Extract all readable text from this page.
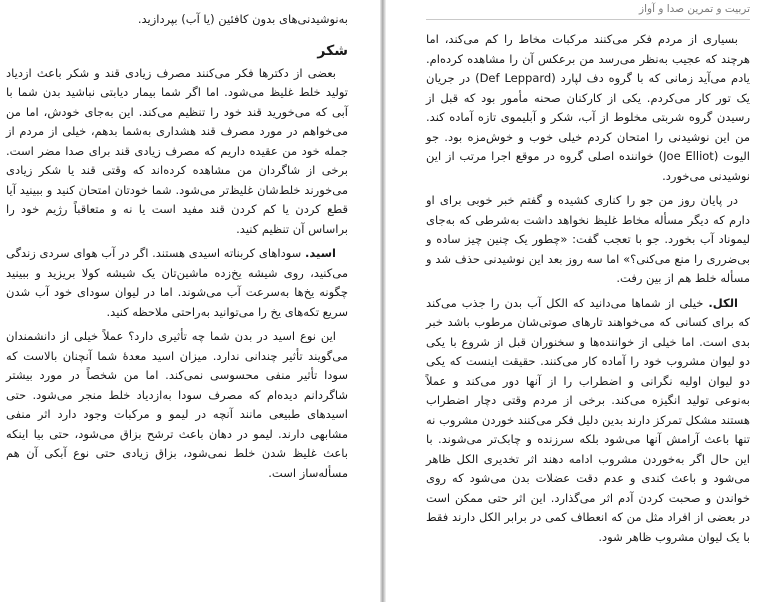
به‌نوشیدنی‌های بدون کافئین (یا آب) بپردازید.

شکر

بعضی از دکترها فکر می‌کنند مصرف زیادی قند و شکر باعث ازدیاد تولید خلط غلیظ می‌شود. اما اگر شما بیمار دیابتی نباشید بدن شما با آبی که می‌خورید قند خود را تنظیم می‌کند. این به‌جای خودش، اما من می‌خواهم در مورد مصرف قند هشداری به‌شما بدهم، خیلی از مردم از جمله خود من عقیده داریم که مصرف زیادی قند برای صدا مضر است. برخی از شاگردان من مشاهده کرده‌اند که وقتی قند یا شکر زیادی می‌خورند خلط‌شان غلیظ‌تر می‌شود. شما خودتان امتحان کنید و ببینید آیا قطع کردن یا کم کردن قند مفید است یا نه و متعاقباً رژیم خود را براساس آن تنظیم کنید.

اسید. سوداهای کربناته اسیدی هستند. اگر در آب هوای سردی زندگی می‌کنید، روی شیشه یخ‌زده ماشین‌تان یک شیشه کولا بریزید و ببینید چگونه یخ‌ها به‌سرعت آب می‌شوند. اما در لیوان سودای خود آب شدن سریع تکه‌های یخ را می‌توانید به‌راحتی ملاحظه کنید.

این نوع اسید در بدن شما چه تأثیری دارد؟ عملاً خیلی از دانشمندان می‌گویند تأثیر چندانی ندارد. میزان اسید معدهٔ شما آنچنان بالاست که سودا تأثیر منفی محسوسی نمی‌کند. اما من شخصاً در مورد بیشتر شاگردانم دیده‌ام که مصرف سودا به‌ازدیاد خلط منجر می‌شود. حتی اسیدهای طبیعی مانند آنچه در لیمو و مرکبات وجود دارد اثر منفی مشابهی دارند. لیمو در دهان باعث ترشح بزاق می‌شود، حتی بیا اینکه باعث غلیظ شدن خلط نمی‌شود، بزاق زیادی حتی نوع آبکی آن هم مسأله‌ساز است.

تربیت و تمرین صدا و آواز

بسیاری از مردم فکر می‌کنند مرکبات مخاط را کم می‌کند، اما هرچند که عجیب به‌نظر می‌رسد من برعکس آن را مشاهده کرده‌ام. یادم می‌آید زمانی که با گروه دف لپارد (Def Leppard) در جریان یک تور کار می‌کردم. یکی از کارکنان صحنه مأمور بود که قبل از رسیدن گروه شربتی مخلوط از آب، شکر و آبلیموی تازه آماده کند. من این نوشیدنی را امتحان کردم خیلی خوب و خوش‌مزه بود. جو الیوت (Joe Elliot) خواننده اصلی گروه در موقع اجرا مرتب از این نوشیدنی می‌خورد.

در پایان روز من جو را کناری کشیده و گفتم خبر خوبی برای او دارم که دیگر مسأله مخاط غلیظ نخواهد داشت به‌شرطی که به‌جای لیموناد آب بخورد. جو با تعجب گفت: «چطور یک چنین چیز ساده و بی‌ضرری را منع می‌کنی؟» اما سه روز بعد این نوشیدنی حذف شد و مسأله خلط هم از بین رفت.

الکل. خیلی از شماها می‌دانید که الکل آب بدن را جذب می‌کند که برای کسانی که می‌خواهند تارهای صوتی‌شان مرطوب باشد خبر بدی است. اما خیلی از خواننده‌ها و سخنوران قبل از شروع با یکی دو لیوان مشروب خود را آماده کار می‌کنند. حقیقت اینست که یکی دو لیوان اولیه نگرانی و اضطراب را از آنها دور می‌کند و عملاً به‌نوعی تولید انگیزه می‌کند. برخی از مردم وقتی دچار اضطراب هستند مشکل تمرکز دارند بدین دلیل فکر می‌کنند خوردن مشروب نه تنها باعث آرامش آنها می‌شود بلکه سرزنده و چابک‌تر می‌شوند. با این حال اگر به‌خوردن مشروب ادامه دهند اثر تخدیری الکل ظاهر می‌شود و باعث کندی و عدم دقت عضلات بدن می‌شود که روی خواندن و صحبت کردن آدم اثر می‌گذارد. این اثر حتی ممکن است در بعضی از افراد مثل من که انعطاف کمی در برابر الکل دارند فقط با یک لیوان مشروب ظاهر شود.
